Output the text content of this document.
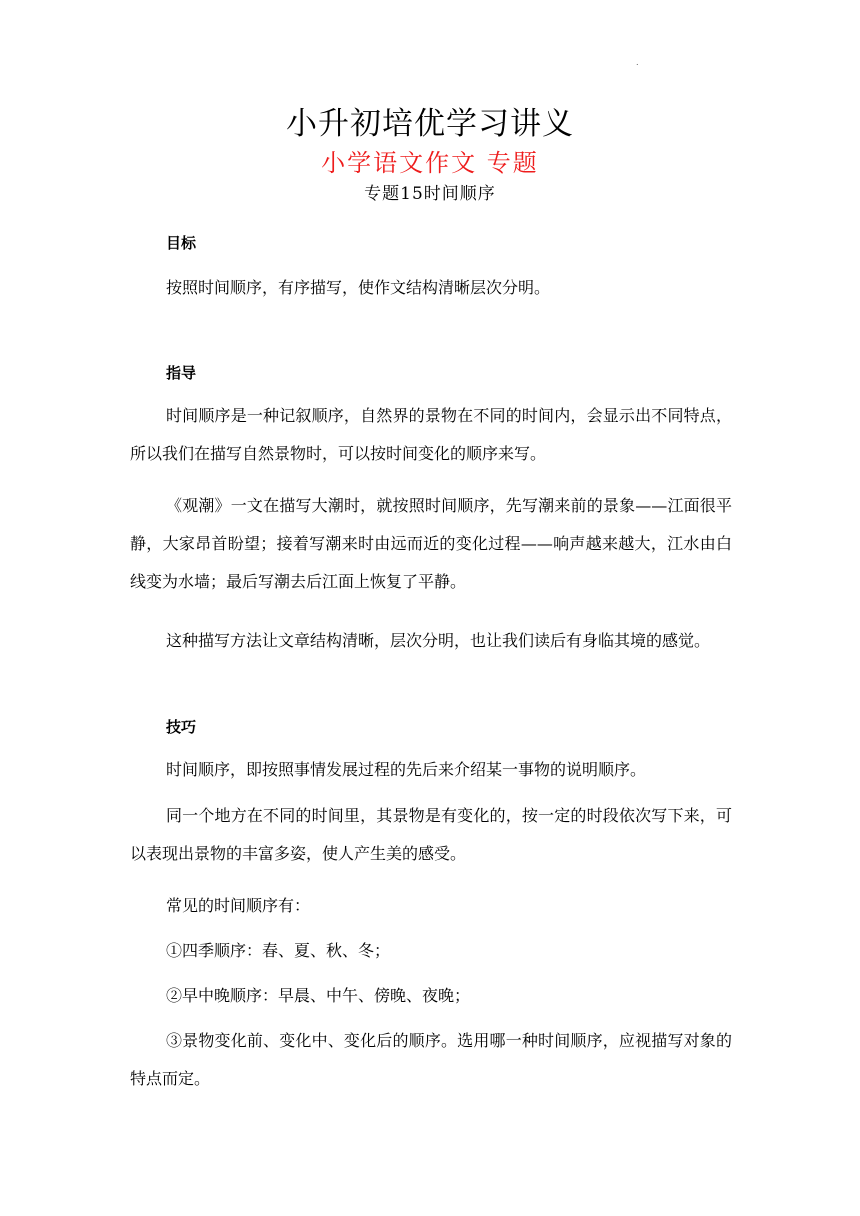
.
小升初培优学习讲义
小学语文作文 专题
专题15时间顺序
目标
按照时间顺序，有序描写，使作文结构清晰层次分明。
指导
时间顺序是一种记叙顺序，自然界的景物在不同的时间内，会显示出不同特点，所以我们在描写自然景物时，可以按时间变化的顺序来写。
《观潮》一文在描写大潮时，就按照时间顺序，先写潮来前的景象——江面很平静，大家昂首盼望；接着写潮来时由远而近的变化过程——响声越来越大，江水由白线变为水墙；最后写潮去后江面上恢复了平静。
这种描写方法让文章结构清晰，层次分明，也让我们读后有身临其境的感觉。
技巧
时间顺序，即按照事情发展过程的先后来介绍某一事物的说明顺序。
同一个地方在不同的时间里，其景物是有变化的，按一定的时段依次写下来，可以表现出景物的丰富多姿，使人产生美的感受。
常见的时间顺序有：
①四季顺序：春、夏、秋、冬；
②早中晚顺序：早晨、中午、傍晚、夜晚；
③景物变化前、变化中、变化后的顺序。选用哪一种时间顺序，应视描写对象的特点而定。
